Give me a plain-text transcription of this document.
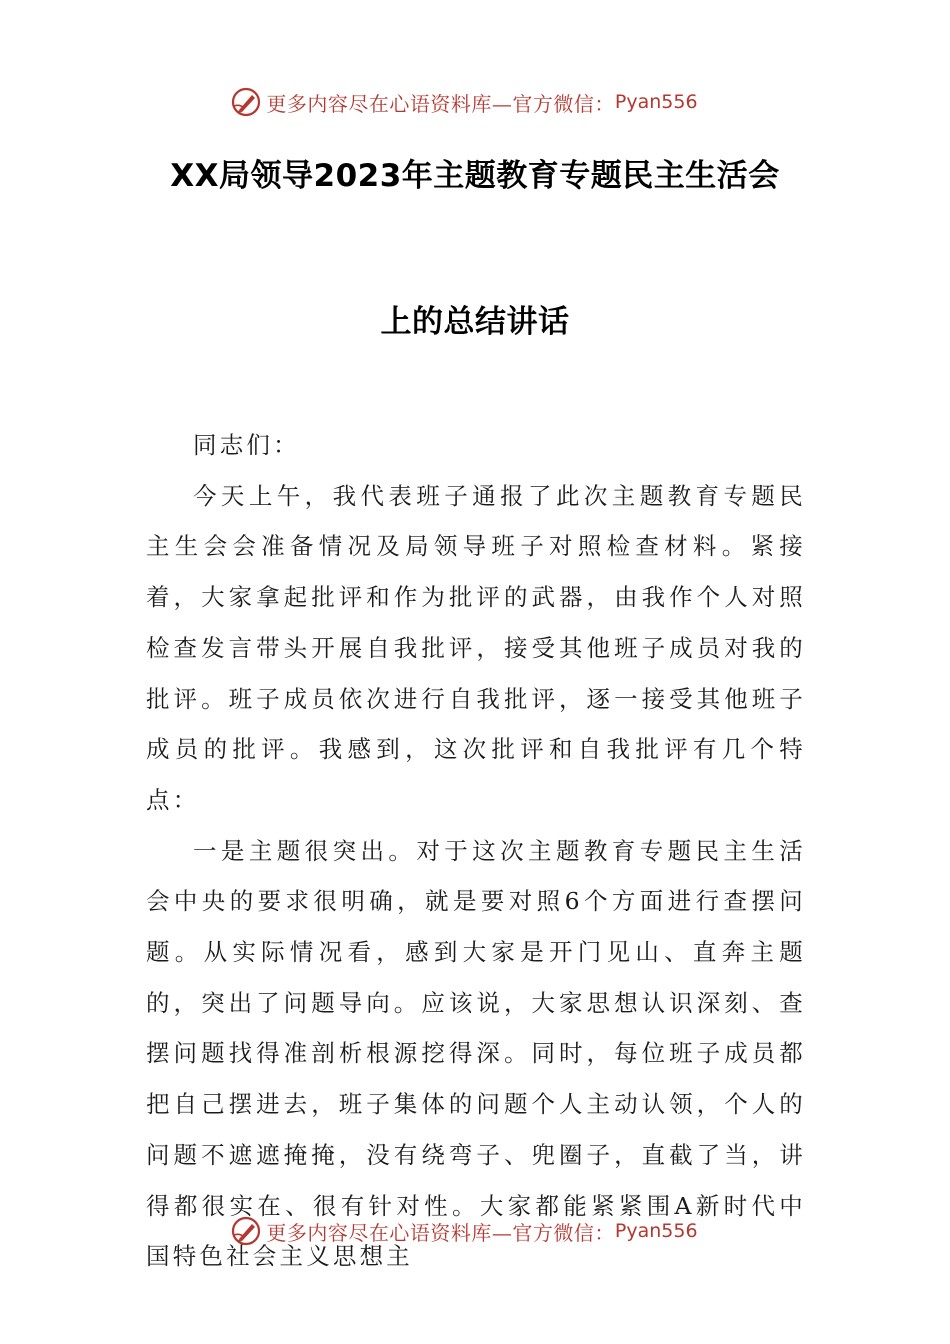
更多内容尽在心语资料库—官方微信： Pyan556
XX局领导2023年主题教育专题民主生活会
上的总结讲话

同志们：

今天上午，我代表班子通报了此次主题教育专题民主生会会准备情况及局领导班子对照检查材料。紧接着，大家拿起批评和作为批评的武器，由我作个人对照检查发言带头开展自我批评，接受其他班子成员对我的批评。班子成员依次进行自我批评，逐一接受其他班子成员的批评。我感到，这次批评和自我批评有几个特点：

一是主题很突出。对于这次主题教育专题民主生活会中央的要求很明确，就是要对照6个方面进行查摆问题。从实际情况看，感到大家是开门见山、直奔主题的，突出了问题导向。应该说，大家思想认识深刻、查摆问题找得准剖析根源挖得深。同时，每位班子成员都把自己摆进去，班子集体的问题个人主动认领，个人的问题不遮遮掩掩，没有绕弯子、兜圈子，直截了当，讲得都很实在、很有针对性。大家都能紧紧围A新时代中国特色社会主义思想主

更多内容尽在心语资料库—官方微信： Pyan556
